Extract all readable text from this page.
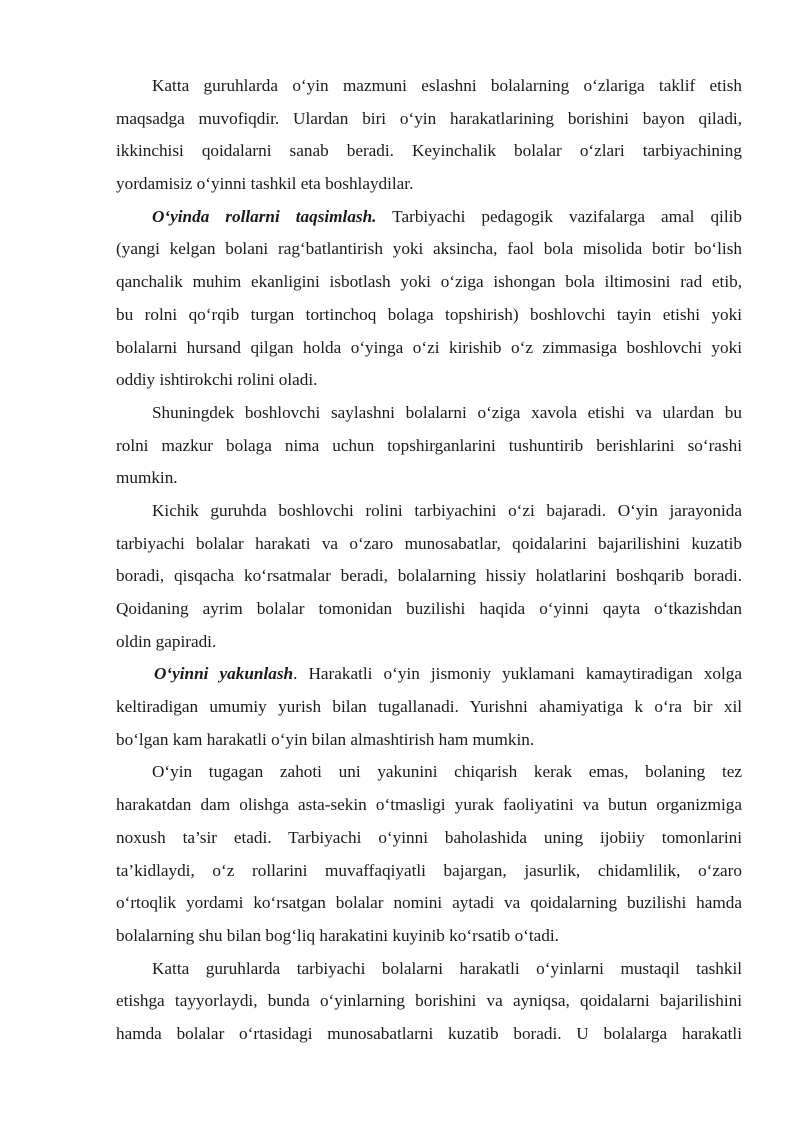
Katta guruhlarda o‘yin mazmuni eslashni bolalarning o‘zlariga taklif etish
maqsadga muvofiqdir. Ulardan biri o‘yin harakatlarining borishini bayon qiladi,
ikkinchisi qoidalarni sanab beradi. Keyinchalik bolalar o‘zlari tarbiyachining
yordamisiz o‘yinni tashkil eta boshlaydilar.
O‘yinda rollarni taqsimlash. Tarbiyachi pedagogik vazifalarga amal qilib
(yangi kelgan bolani rag‘batlantirish yoki aksincha, faol bola misolida botir bo‘lish
qanchalik muhim ekanligini isbotlash yoki o‘ziga ishongan bola iltimosini rad etib,
bu rolni qo‘rqib turgan tortinchoq bolaga topshirish) boshlovchi tayin etishi yoki
bolalarni hursand qilgan holda o‘yinga o‘zi kirishib o‘z zimmasiga boshlovchi yoki
oddiy ishtirokchi rolini oladi.
Shuningdek boshlovchi saylashni bolalarni o‘ziga xavola etishi va ulardan bu
rolni mazkur bolaga nima uchun topshirganlarini tushuntirib berishlarini so‘rashi
mumkin.
Kichik guruhda boshlovchi rolini tarbiyachini o‘zi bajaradi. O‘yin jarayonida
tarbiyachi bolalar harakati va o‘zaro munosabatlar, qoidalarini bajarilishini kuzatib
boradi, qisqacha ko‘rsatmalar beradi, bolalarning hissiy holatlarini boshqarib boradi.
Qoidaning ayrim bolalar tomonidan buzilishi haqida o‘yinni qayta o‘tkazishdan
oldin gapiradi.
O‘yinni yakunlash. Harakatli o‘yin jismoniy yuklamani kamaytiradigan xolga
keltiradigan umumiy yurish bilan tugallanadi. Yurishni ahamiyatiga k o‘ra bir xil
bo‘lgan kam harakatli o‘yin bilan almashtirish ham mumkin.
O‘yin tugagan zahoti uni yakunini chiqarish kerak emas, bolaning tez
harakatdan dam olishga asta-sekin o‘tmasligi yurak faoliyatini va butun organizmiga
noxush ta’sir etadi. Tarbiyachi o‘yinni baholashida uning ijobiiy tomonlarini
ta’kidlaydi, o‘z rollarini muvaffaqiyatli bajargan, jasurlik, chidamlilik, o‘zaro
o‘rtoqlik yordami ko‘rsatgan bolalar nomini aytadi va qoidalarning buzilishi hamda
bolalarning shu bilan bog‘liq harakatini kuyinib ko‘rsatib o‘tadi.
Katta guruhlarda tarbiyachi bolalarni harakatli o‘yinlarni mustaqil tashkil
etishga tayyorlaydi, bunda o‘yinlarning borishini va ayniqsa, qoidalarni bajarilishini
hamda bolalar o‘rtasidagi munosabatlarni kuzatib boradi. U bolalarga harakatli
